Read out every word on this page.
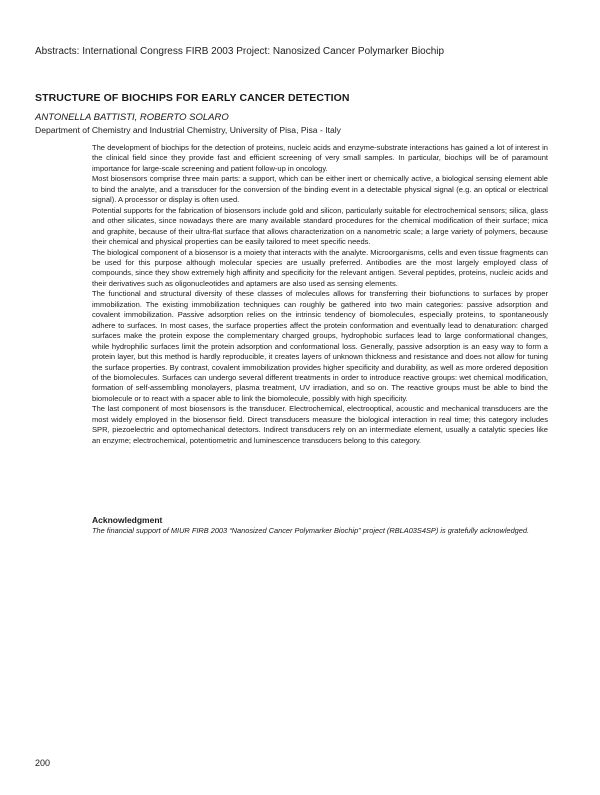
Abstracts: International Congress FIRB 2003 Project: Nanosized Cancer Polymarker Biochip
STRUCTURE OF BIOCHIPS FOR EARLY CANCER DETECTION
ANTONELLA BATTISTI, ROBERTO SOLARO
Department of Chemistry and Industrial Chemistry, University of Pisa, Pisa - Italy

The development of biochips for the detection of proteins, nucleic acids and enzyme-substrate interactions has gained a lot of interest in the clinical field since they provide fast and efficient screening of very small samples. In particular, biochips will be of paramount importance for large-scale screening and patient follow-up in oncology.

Most biosensors comprise three main parts: a support, which can be either inert or chemically active, a biological sensing element able to bind the analyte, and a transducer for the conversion of the binding event in a detectable physical signal (e.g. an optical or electrical signal). A processor or display is often used.

Potential supports for the fabrication of biosensors include gold and silicon, particularly suitable for electrochemical sensors; silica, glass and other silicates, since nowadays there are many available standard procedures for the chemical modification of their surface; mica and graphite, because of their ultra-flat surface that allows characterization on a nanometric scale; a large variety of polymers, because their chemical and physical properties can be easily tailored to meet specific needs.

The biological component of a biosensor is a moiety that interacts with the analyte. Microorganisms, cells and even tissue fragments can be used for this purpose although molecular species are usually preferred. Antibodies are the most largely employed class of compounds, since they show extremely high affinity and specificity for the relevant antigen. Several peptides, proteins, nucleic acids and their derivatives such as oligonucleotides and aptamers are also used as sensing elements.

The functional and structural diversity of these classes of molecules allows for transferring their biofunctions to surfaces by proper immobilization. The existing immobilization techniques can roughly be gathered into two main categories: passive adsorption and covalent immobilization. Passive adsorption relies on the intrinsic tendency of biomolecules, especially proteins, to spontaneously adhere to surfaces. In most cases, the surface properties affect the protein conformation and eventually lead to denaturation: charged surfaces make the protein expose the complementary charged groups, hydrophobic surfaces lead to large conformational changes, while hydrophilic surfaces limit the protein adsorption and conformational loss. Generally, passive adsorption is an easy way to form a protein layer, but this method is hardly reproducible, it creates layers of unknown thickness and resistance and does not allow for tuning the surface properties. By contrast, covalent immobilization provides higher specificity and durability, as well as more ordered deposition of the biomolecules. Surfaces can undergo several different treatments in order to introduce reactive groups: wet chemical modification, formation of self-assembling monolayers, plasma treatment, UV irradiation, and so on. The reactive groups must be able to bind the biomolecule or to react with a spacer able to link the biomolecule, possibly with high specificity.

The last component of most biosensors is the transducer. Electrochemical, electrooptical, acoustic and mechanical transducers are the most widely employed in the biosensor field. Direct transducers measure the biological interaction in real time; this category includes SPR, piezoelectric and optomechanical detectors. Indirect transducers rely on an intermediate element, usually a catalytic species like an enzyme; electrochemical, potentiometric and luminescence transducers belong to this category.

Acknowledgment
The financial support of MIUR FIRB 2003 “Nanosized Cancer Polymarker Biochip” project (RBLA03S4SP) is gratefully acknowledged.
200
